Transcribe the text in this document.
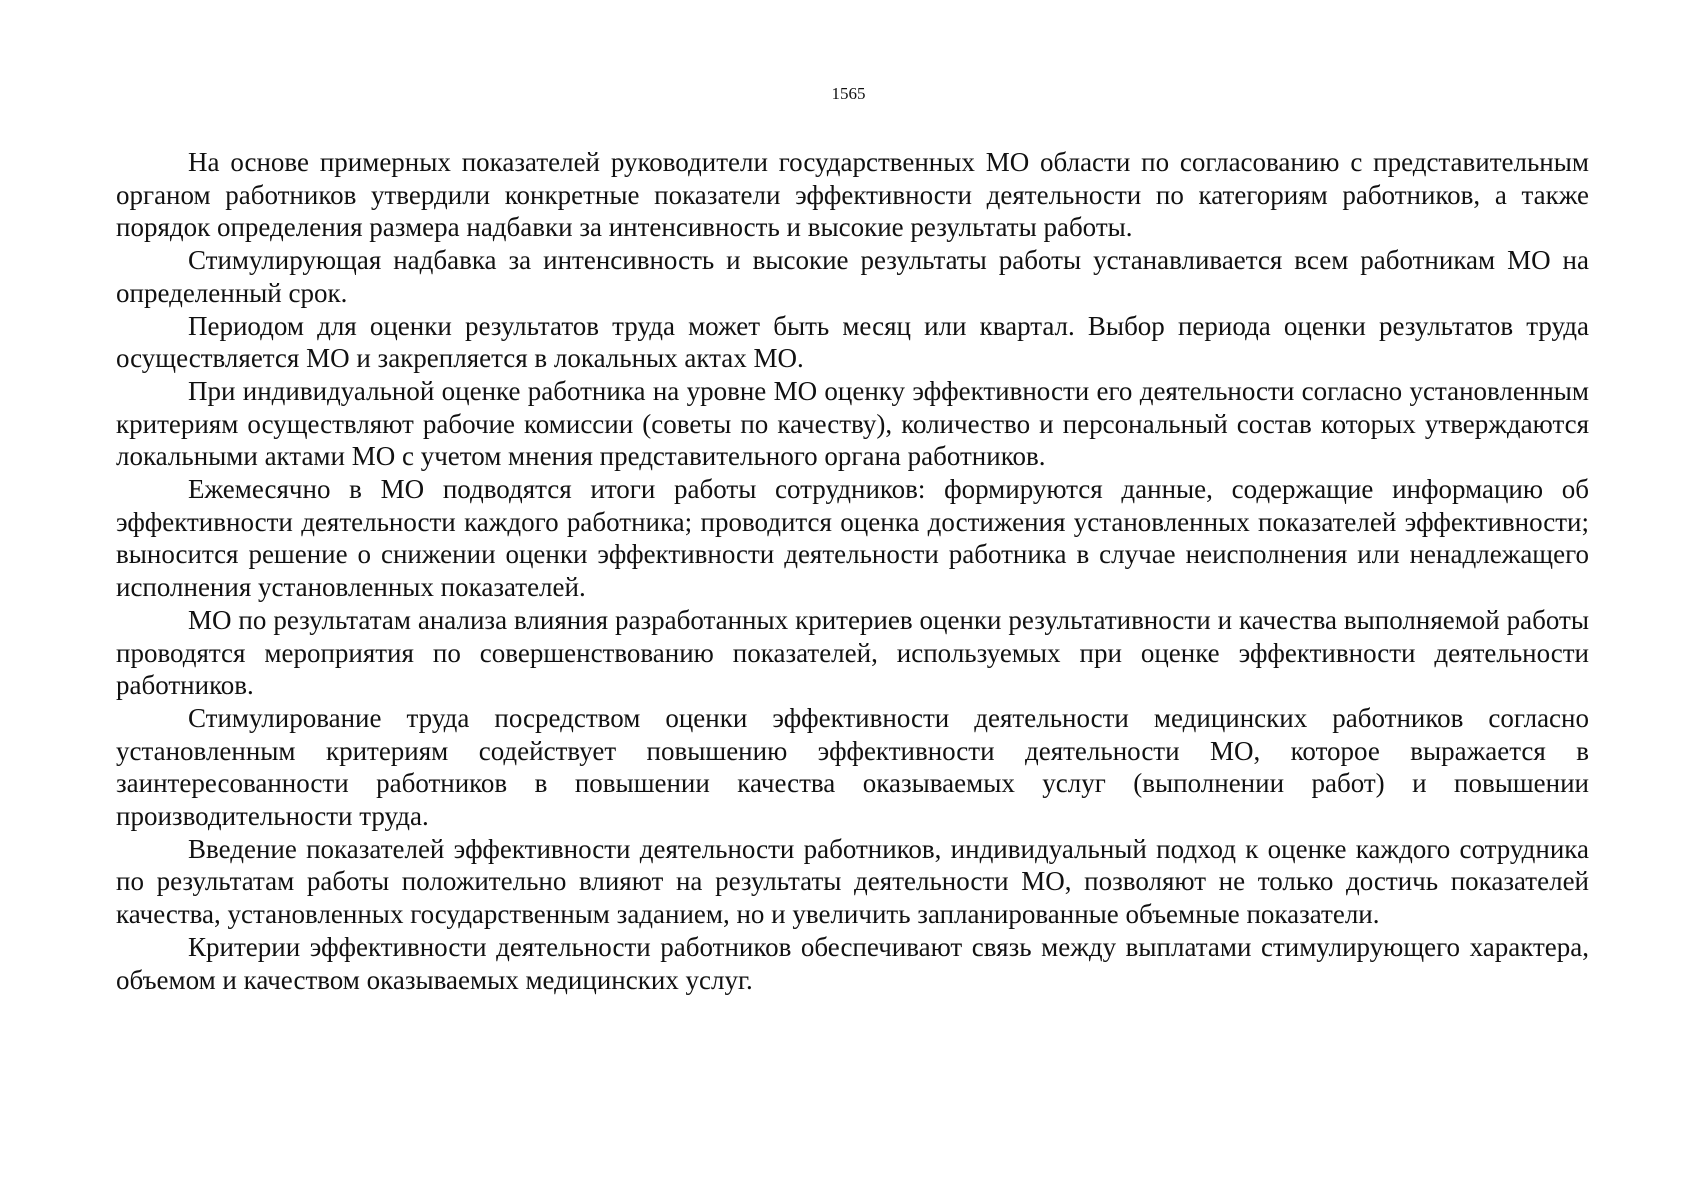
1565

На основе примерных показателей руководители государственных МО области по согласованию с представительным органом работников утвердили конкретные показатели эффективности деятельности по категориям работников, а также порядок определения размера надбавки за интенсивность и высокие результаты работы.

Стимулирующая надбавка за интенсивность и высокие результаты работы устанавливается всем работникам МО на определенный срок.

Периодом для оценки результатов труда может быть месяц или квартал. Выбор периода оценки результатов труда осуществляется МО и закрепляется в локальных актах МО.

При индивидуальной оценке работника на уровне МО оценку эффективности его деятельности согласно установленным критериям осуществляют рабочие комиссии (советы по качеству), количество и персональный состав которых утверждаются локальными актами МО с учетом мнения представительного органа работников.

Ежемесячно в МО подводятся итоги работы сотрудников: формируются данные, содержащие информацию об эффективности деятельности каждого работника; проводится оценка достижения установленных показателей эффективности; выносится решение о снижении оценки эффективности деятельности работника в случае неисполнения или ненадлежащего исполнения установленных показателей.

МО по результатам анализа влияния разработанных критериев оценки результативности и качества выполняемой работы проводятся мероприятия по совершенствованию показателей, используемых при оценке эффективности деятельности работников.

Стимулирование труда посредством оценки эффективности деятельности медицинских работников согласно установленным критериям содействует повышению эффективности деятельности МО, которое выражается в заинтересованности работников в повышении качества оказываемых услуг (выполнении работ) и повышении производительности труда.

Введение показателей эффективности деятельности работников, индивидуальный подход к оценке каждого сотрудника по результатам работы положительно влияют на результаты деятельности МО, позволяют не только достичь показателей качества, установленных государственным заданием, но и увеличить запланированные объемные показатели.

Критерии эффективности деятельности работников обеспечивают связь между выплатами стимулирующего характера, объемом и качеством оказываемых медицинских услуг.
